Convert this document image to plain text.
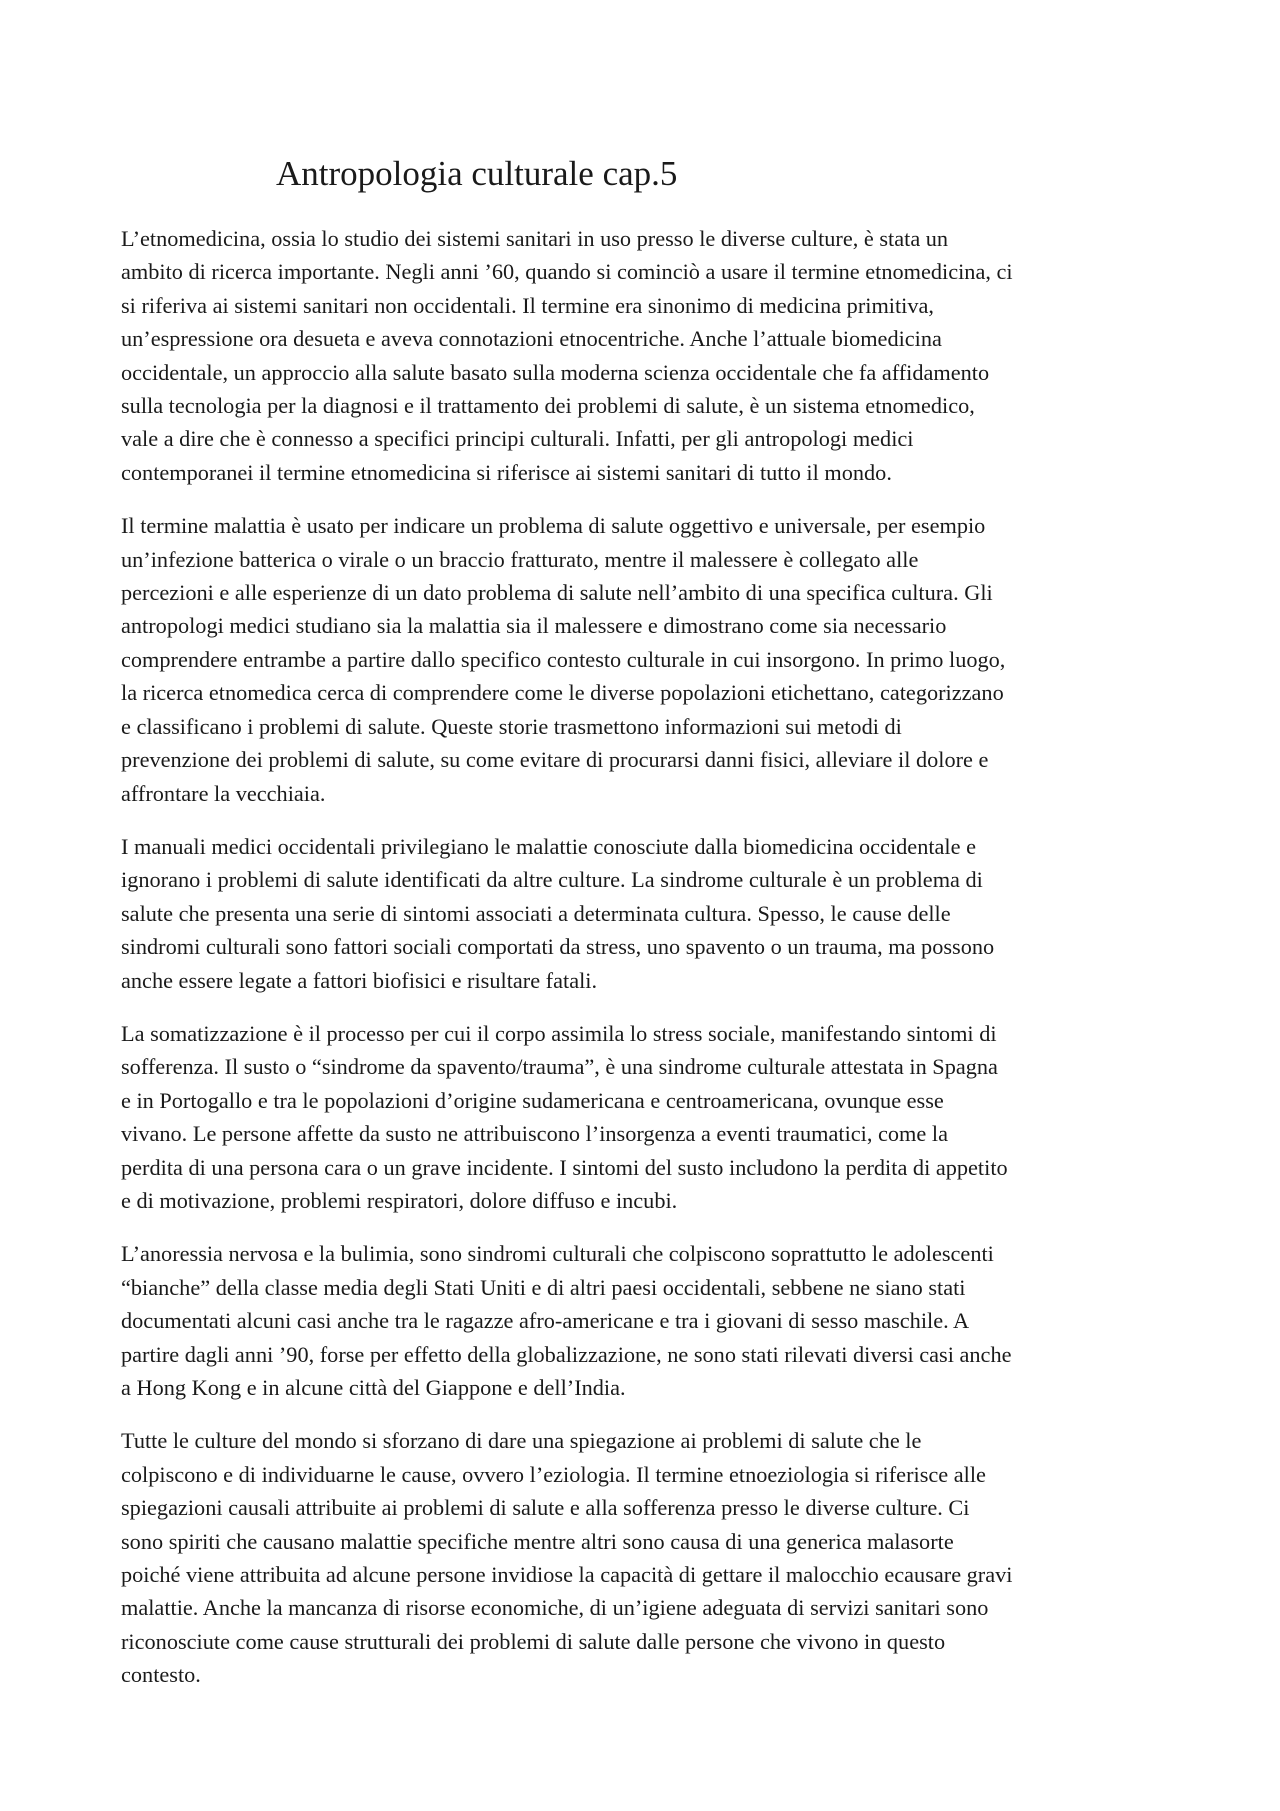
Antropologia culturale cap.5

L’etnomedicina, ossia lo studio dei sistemi sanitari in uso presso le diverse culture, è stata un
ambito di ricerca importante. Negli anni ’60, quando si cominciò a usare il termine etnomedicina, ci
si riferiva ai sistemi sanitari non occidentali. Il termine era sinonimo di medicina primitiva,
un’espressione ora desueta e aveva connotazioni etnocentriche. Anche l’attuale biomedicina
occidentale, un approccio alla salute basato sulla moderna scienza occidentale che fa affidamento
sulla tecnologia per la diagnosi e il trattamento dei problemi di salute, è un sistema etnomedico,
vale a dire che è connesso a specifici principi culturali. Infatti, per gli antropologi medici
contemporanei il termine etnomedicina si riferisce ai sistemi sanitari di tutto il mondo.

Il termine malattia è usato per indicare un problema di salute oggettivo e universale, per esempio
un’infezione batterica o virale o un braccio fratturato, mentre il malessere è collegato alle
percezioni e alle esperienze di un dato problema di salute nell’ambito di una specifica cultura. Gli
antropologi medici studiano sia la malattia sia il malessere e dimostrano come sia necessario
comprendere entrambe a partire dallo specifico contesto culturale in cui insorgono. In primo luogo,
la ricerca etnomedica cerca di comprendere come le diverse popolazioni etichettano, categorizzano
e classificano i problemi di salute. Queste storie trasmettono informazioni sui metodi di
prevenzione dei problemi di salute, su come evitare di procurarsi danni fisici, alleviare il dolore e
affrontare la vecchiaia.

I manuali medici occidentali privilegiano le malattie conosciute dalla biomedicina occidentale e
ignorano i problemi di salute identificati da altre culture. La sindrome culturale è un problema di
salute che presenta una serie di sintomi associati a determinata cultura. Spesso, le cause delle
sindromi culturali sono fattori sociali comportati da stress, uno spavento o un trauma, ma possono
anche essere legate a fattori biofisici e risultare fatali.

La somatizzazione è il processo per cui il corpo assimila lo stress sociale, manifestando sintomi di
sofferenza. Il susto o “sindrome da spavento/trauma”, è una sindrome culturale attestata in Spagna
e in Portogallo e tra le popolazioni d’origine sudamericana e centroamericana, ovunque esse
vivano. Le persone affette da susto ne attribuiscono l’insorgenza a eventi traumatici, come la
perdita di una persona cara o un grave incidente. I sintomi del susto includono la perdita di appetito
e di motivazione, problemi respiratori, dolore diffuso e incubi.

L’anoressia nervosa e la bulimia, sono sindromi culturali che colpiscono soprattutto le adolescenti
“bianche” della classe media degli Stati Uniti e di altri paesi occidentali, sebbene ne siano stati
documentati alcuni casi anche tra le ragazze afro-americane e tra i giovani di sesso maschile. A
partire dagli anni ’90, forse per effetto della globalizzazione, ne sono stati rilevati diversi casi anche
a Hong Kong e in alcune città del Giappone e dell’India.

Tutte le culture del mondo si sforzano di dare una spiegazione ai problemi di salute che le
colpiscono e di individuarne le cause, ovvero l’eziologia. Il termine etnoeziologia si riferisce alle
spiegazioni causali attribuite ai problemi di salute e alla sofferenza presso le diverse culture. Ci
sono spiriti che causano malattie specifiche mentre altri sono causa di una generica malasorte
poiché viene attribuita ad alcune persone invidiose la capacità di gettare il malocchio ecausare gravi
malattie. Anche la mancanza di risorse economiche, di un’igiene adeguata di servizi sanitari sono
riconosciute come cause strutturali dei problemi di salute dalle persone che vivono in questo
contesto.
